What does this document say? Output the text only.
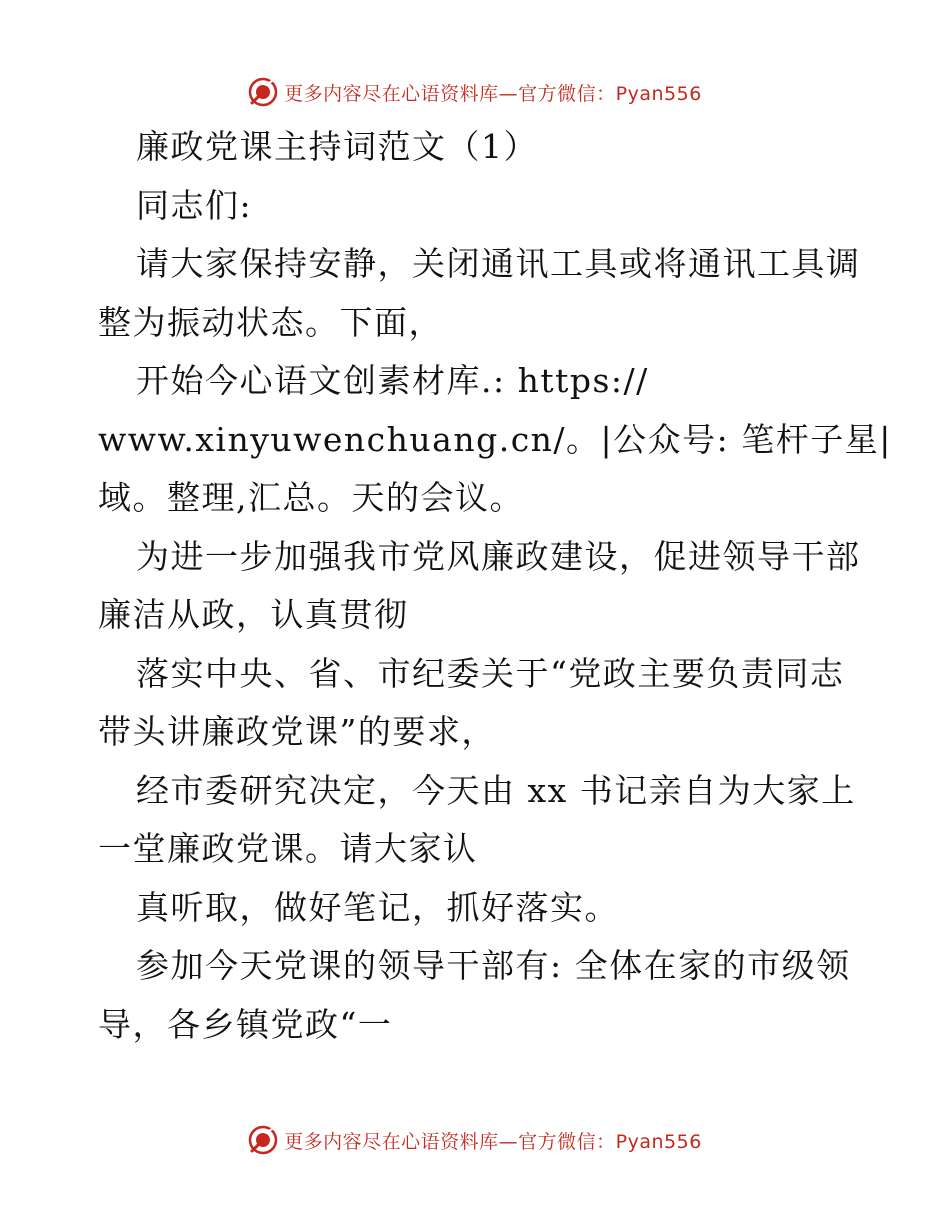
更多内容尽在心语资料库—官方微信：Pyan556
廉政党课主持词范文（1）
同志们:
请大家保持安静，关闭通讯工具或将通讯工具调
整为振动状态。下面，
开始今心语文创素材库.: https://
www.xinyuwenchuang.cn/。|公众号: 笔杆子星|
域。整理,汇总。天的会议。
为进一步加强我市党风廉政建设，促进领导干部
廉洁从政，认真贯彻
落实中央、省、市纪委关于“党政主要负责同志
带头讲廉政党课”的要求，
经市委研究决定，今天由 xx 书记亲自为大家上
一堂廉政党课。请大家认
真听取，做好笔记，抓好落实。
参加今天党课的领导干部有: 全体在家的市级领
导，各乡镇党政“一
更多内容尽在心语资料库—官方微信：Pyan556
